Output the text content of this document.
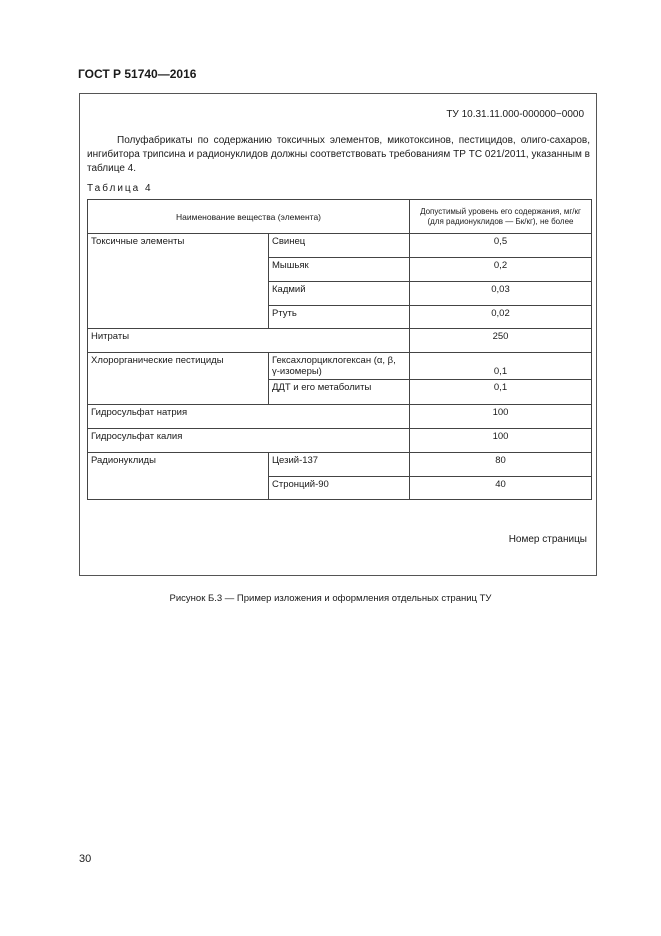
ГОСТ Р 51740—2016
ТУ 10.31.11.000-000000−0000
Полуфабрикаты по содержанию токсичных элементов, микотоксинов, пестицидов, олиго-сахаров, ингибитора трипсина и радионуклидов должны соответствовать требованиям ТР ТС 021/2011, указанным в таблице 4.
Таблица 4
Наименование вещества (элемента)		Допустимый уровень его содержания, мг/кг (для радионуклидов — Бк/кг), не более
Токсичные элементы	Свинец	0,5
	Мышьяк	0,2
	Кадмий	0,03
	Ртуть	0,02
Нитраты		250
Хлорорганические пестициды	Гексахлорциклогексан (α, β, γ-изомеры)	0,1
	ДДТ и его метаболиты	0,1
Гидросульфат натрия		100
Гидросульфат калия		100
Радионуклиды	Цезий-137	80
	Стронций-90	40
Номер страницы
Рисунок Б.3 — Пример изложения и оформления отдельных страниц ТУ
30
